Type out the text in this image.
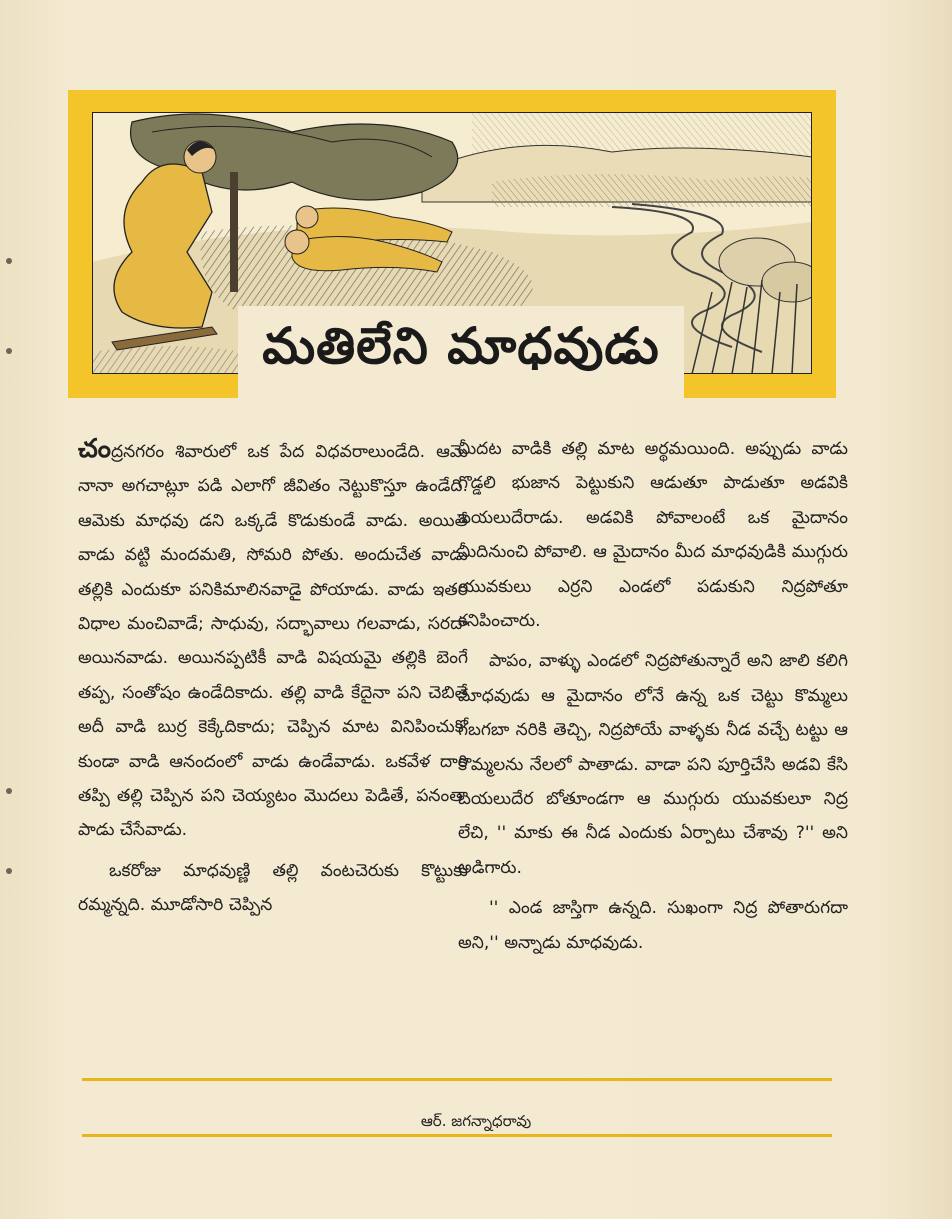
మతిలేని మాధవుడు

చంద్రనగరం శివారులో ఒక పేద విధవరాలుండేది. ఆమె నానా అగచాట్లూ పడి ఎలాగో జీవితం నెట్టుకొస్తూ ఉండేది. ఆమెకు మాధవు డని ఒక్కడే కొడుకుండే వాడు. అయితే వాడు వట్టి మందమతి, సోమరి పోతు. అందుచేత వాడు తల్లికి ఎందుకూ పనికిమాలినవాడై పోయాడు. వాడు ఇతర విధాల మంచివాడే; సాధువు, సద్భావాలు గలవాడు, సరదా అయినవాడు. అయినప్పటికీ వాడి విషయమై తల్లికి బెంగే తప్ప, సంతోషం ఉండేదికాదు. తల్లి వాడి కేదైనా పని చెబితే అదీ వాడి బుర్ర కెక్కేదికాదు; చెప్పిన మాట వినిపించుకో కుండా వాడి ఆనందంలో వాడు ఉండేవాడు. ఒకవేళ దారి తప్పి తల్లి చెప్పిన పని చెయ్యటం మొదలు పెడితే, పనంతా పాడు చేసేవాడు.

ఒకరోజు మాధవుణ్ణి తల్లి వంటచెరుకు కొట్టుకు రమ్మన్నది. మూడోసారి చెప్పిన

మీదట వాడికి తల్లి మాట అర్థమయింది. అప్పుడు వాడు గొడ్డలి భుజాన పెట్టుకుని ఆడుతూ పాడుతూ అడవికి బయలుదేరాడు. అడవికి పోవాలంటే ఒక మైదానం మీదినుంచి పోవాలి. ఆ మైదానం మీద మాధవుడికి ముగ్గురు యువకులు ఎర్రని ఎండలో పడుకుని నిద్రపోతూ కనిపించారు.

పాపం, వాళ్ళు ఎండలో నిద్రపోతున్నారే అని జాలి కలిగి మాధవుడు ఆ మైదానం లోనే ఉన్న ఒక చెట్టు కొమ్మలు గబగబా నరికి తెచ్చి, నిద్రపోయే వాళ్ళకు నీడ వచ్చే టట్టు ఆ కొమ్మలను నేలలో పాతాడు. వాడా పని పూర్తిచేసి అడవి కేసి బయలుదేర బోతూండగా ఆ ముగ్గురు యువకులూ నిద్ర లేచి, '' మాకు ఈ నీడ ఎందుకు ఏర్పాటు చేశావు ?'' అని అడిగారు.

'' ఎండ జాస్తిగా ఉన్నది. సుఖంగా నిద్ర పోతారుగదా అని,'' అన్నాడు మాధవుడు.

ఆర్. జగన్నాధరావు
